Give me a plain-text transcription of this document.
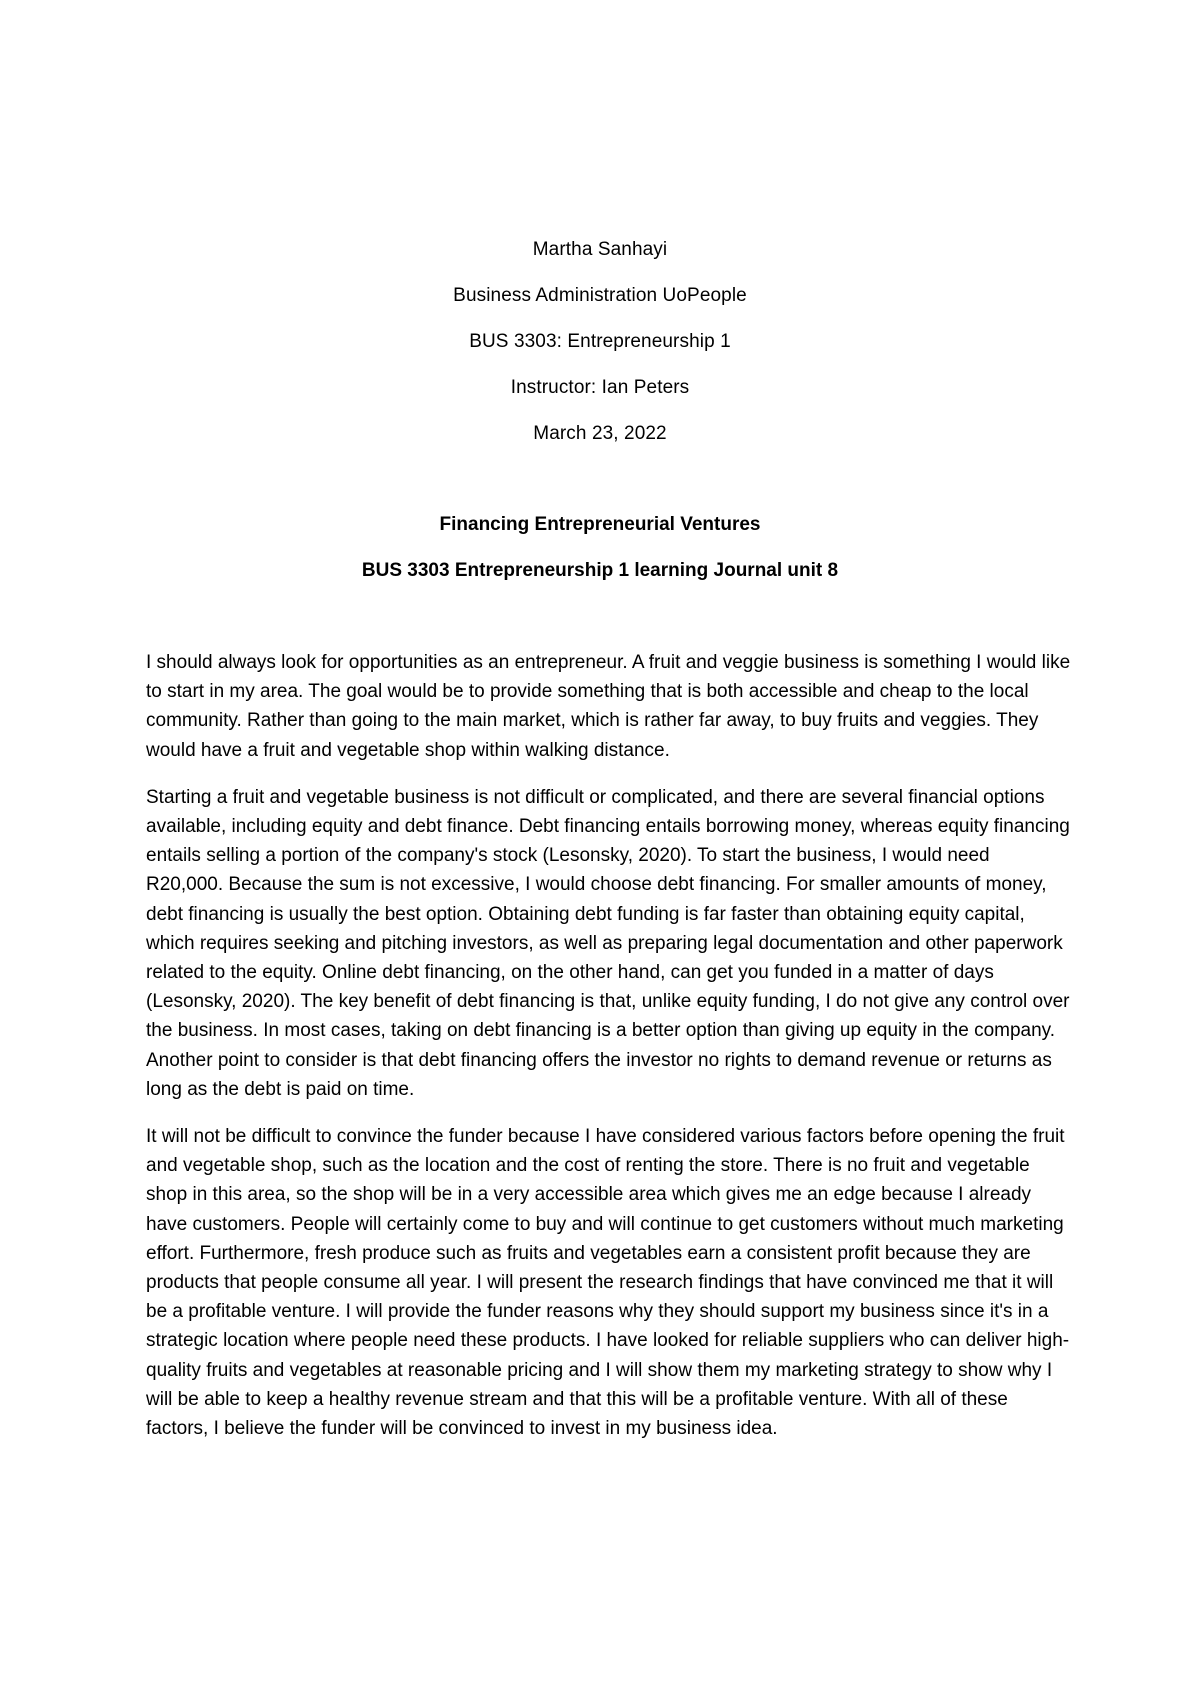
Martha Sanhayi

Business Administration UoPeople

BUS 3303: Entrepreneurship 1

Instructor: Ian Peters

March 23, 2022

Financing Entrepreneurial Ventures

BUS 3303 Entrepreneurship 1 learning Journal unit 8

I should always look for opportunities as an entrepreneur. A fruit and veggie business is something I would like to start in my area. The goal would be to provide something that is both accessible and cheap to the local community. Rather than going to the main market, which is rather far away, to buy fruits and veggies. They would have a fruit and vegetable shop within walking distance.

Starting a fruit and vegetable business is not difficult or complicated, and there are several financial options available, including equity and debt finance. Debt financing entails borrowing money, whereas equity financing entails selling a portion of the company's stock (Lesonsky, 2020). To start the business, I would need R20,000. Because the sum is not excessive, I would choose debt financing. For smaller amounts of money, debt financing is usually the best option. Obtaining debt funding is far faster than obtaining equity capital, which requires seeking and pitching investors, as well as preparing legal documentation and other paperwork related to the equity. Online debt financing, on the other hand, can get you funded in a matter of days (Lesonsky, 2020). The key benefit of debt financing is that, unlike equity funding, I do not give any control over the business. In most cases, taking on debt financing is a better option than giving up equity in the company. Another point to consider is that debt financing offers the investor no rights to demand revenue or returns as long as the debt is paid on time.

It will not be difficult to convince the funder because I have considered various factors before opening the fruit and vegetable shop, such as the location and the cost of renting the store. There is no fruit and vegetable shop in this area, so the shop will be in a very accessible area which gives me an edge because I already have customers. People will certainly come to buy and will continue to get customers without much marketing effort. Furthermore, fresh produce such as fruits and vegetables earn a consistent profit because they are products that people consume all year. I will present the research findings that have convinced me that it will be a profitable venture. I will provide the funder reasons why they should support my business since it's in a strategic location where people need these products. I have looked for reliable suppliers who can deliver high-quality fruits and vegetables at reasonable pricing and I will show them my marketing strategy to show why I will be able to keep a healthy revenue stream and that this will be a profitable venture. With all of these factors, I believe the funder will be convinced to invest in my business idea.
